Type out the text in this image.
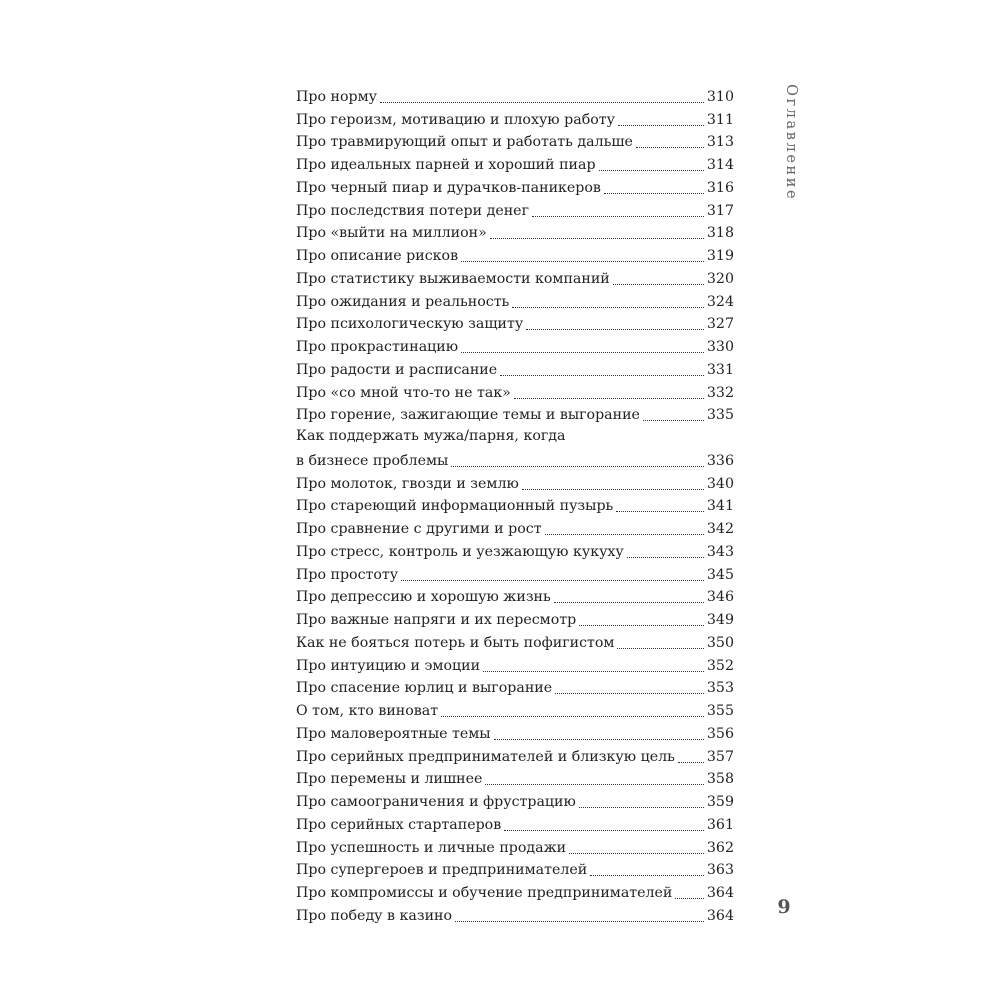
Про норму	310
Про героизм, мотивацию и плохую работу	311
Про травмирующий опыт и работать дальше	313
Про идеальных парней и хороший пиар	314
Про черный пиар и дурачков-паникеров	316
Про последствия потери денег	317
Про «выйти на миллион»	318
Про описание рисков	319
Про статистику выживаемости компаний	320
Про ожидания и реальность	324
Про психологическую защиту	327
Про прокрастинацию	330
Про радости и расписание	331
Про «со мной что-то не так»	332
Про горение, зажигающие темы и выгорание	335
Как поддержать мужа/парня, когда
в бизнесе проблемы	336
Про молоток, гвозди и землю	340
Про стареющий информационный пузырь	341
Про сравнение с другими и рост	342
Про стресс, контроль и уезжающую кукуху	343
Про простоту	345
Про депрессию и хорошую жизнь	346
Про важные напряги и их пересмотр	349
Как не бояться потерь и быть пофигистом	350
Про интуицию и эмоции	352
Про спасение юрлиц и выгорание	353
О том, кто виноват	355
Про маловероятные темы	356
Про серийных предпринимателей и близкую цель 357
Про перемены и лишнее	358
Про самоограничения и фрустрацию	359
Про серийных стартаперов	361
Про успешность и личные продажи	362
Про супергероев и предпринимателей	363
Про компромиссы и обучение предпринимателей 364
Про победу в казино	364
Оглавление
9
